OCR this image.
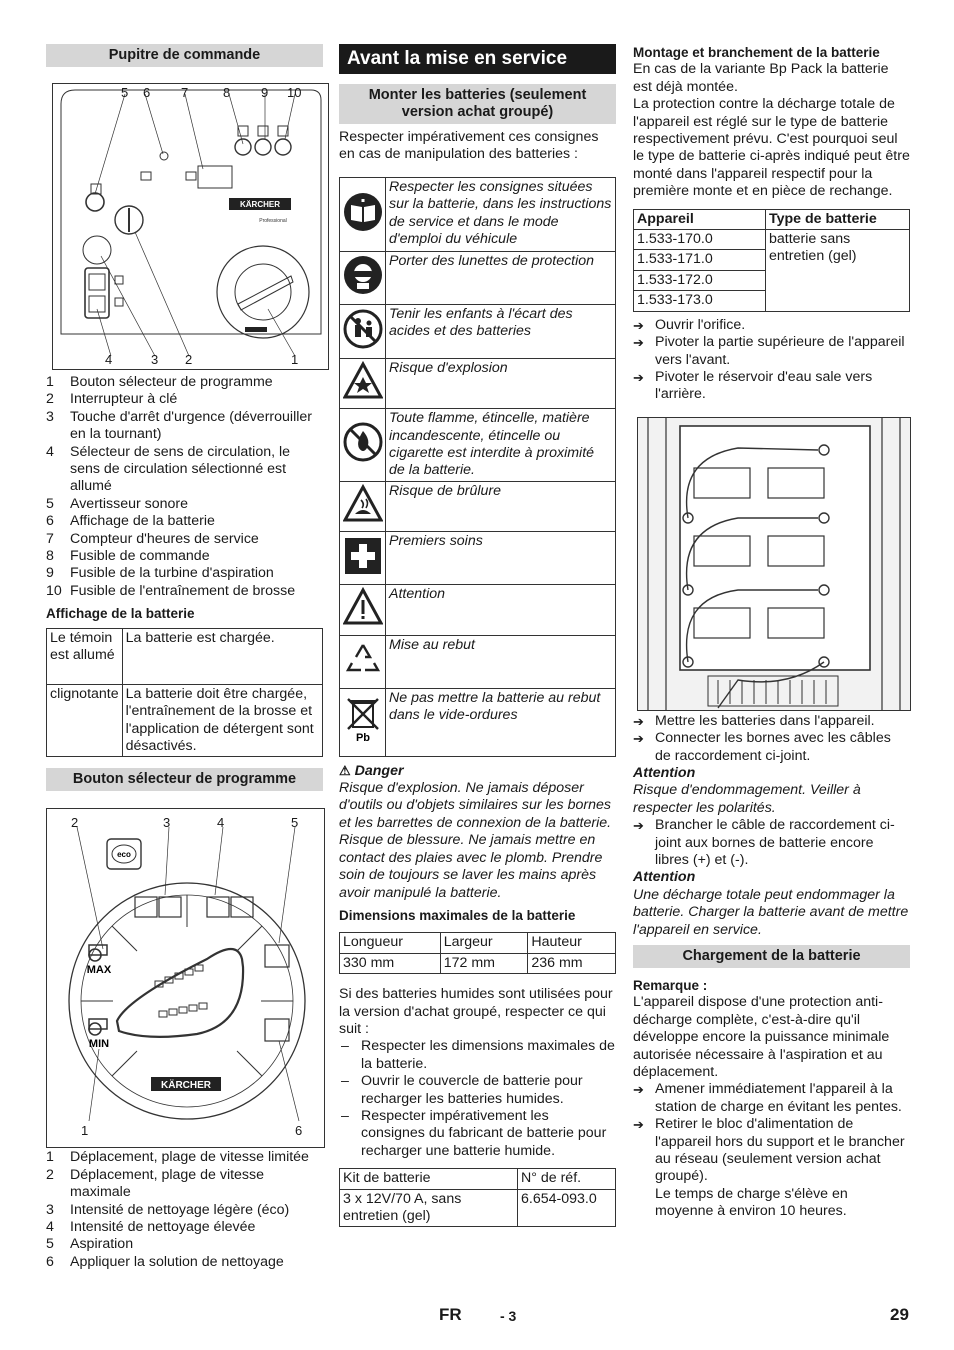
Pupitre de commande
KÄRCHER
Professional
5 6 7	8 9 10
4	3 2	1
1	Bouton sélecteur de programme
2	Interrupteur à clé
3	Touche d'arrêt d'urgence (déverrouiller en la tournant)
4	Sélecteur de sens de circulation, le sens de circulation sélectionné est allumé
5	Avertisseur sonore
6	Affichage de la batterie
7	Compteur d'heures de service
8	Fusible de commande
9	Fusible de la turbine d'aspiration
10 Fusible de l'entraînement de brosse

Affichage de la batterie

Le témoin est allumé	La batterie est chargée.
clignotante	La batterie doit être chargée, l'entraînement de la brosse et l'application de détergent sont désactivés.
Bouton sélecteur de programme
eco
MAX
MIN
KÄRCHER
2	3	4	5
1	6
1	Déplacement, plage de vitesse limitée
2	Déplacement, plage de vitesse maximale
3	Intensité de nettoyage légère (éco)
4	Intensité de nettoyage élevée
5	Aspiration
6	Appliquer la solution de nettoyage
Avant la mise en service
Monter les batteries (seulement version achat groupé)

Respecter impérativement ces consignes en cas de manipulation des batteries :

	Respecter les consignes situées sur la batterie, dans les instructions de service et dans le mode d'emploi du véhicule
	Porter des lunettes de protection
	Tenir les enfants à l'écart des acides et des batteries
	Risque d'explosion
	Toute flamme, étincelle, matière incandescente, étincelle ou cigarette est interdite à proximité de la batterie.
	Risque de brûlure
	Premiers soins
	Attention
	Mise au rebut

Pb	Ne pas mettre la batterie au rebut dans le vide-ordures

⚠ Danger

Risque d'explosion. Ne jamais déposer d'outils ou d'objets similaires sur les bornes et les barrettes de connexion de la batterie. Risque de blessure. Ne jamais mettre en contact des plaies avec le plomb. Prendre soin de toujours se laver les mains après avoir manipulé la batterie.

Dimensions maximales de la batterie

Longueur	Largeur	Hauteur
330 mm	172 mm	236 mm

Si des batteries humides sont utilisées pour la version d'achat groupé, respecter ce qui suit :

– Respecter les dimensions maximales de la batterie.
– Ouvrir le couvercle de batterie pour recharger les batteries humides.
– Respecter impérativement les consignes du fabricant de batterie pour recharger une batterie humide.
Kit de batterie	N° de réf.
3 x 12V/70 A, sans entretien (gel)	6.654-093.0

Montage et branchement de la batterie

En cas de la variante Bp Pack la batterie est déjà montée.

La protection contre la décharge totale de l'appareil est réglé sur le type de batterie respectivement prévu. C'est pourquoi seul le type de batterie ci-après indiqué peut être monté dans l'appareil respectif pour la première monte et en pièce de rechange.

Appareil	Type de batterie
1.533-170.0	batterie sans entretien (gel)
1.533-171.0	
1.533-172.0	
1.533-173.0	
➔ Ouvrir l'orifice.
➔ Pivoter la partie supérieure de l'appareil vers l'avant.
➔ Pivoter le réservoir d'eau sale vers l'arrière.
➔ Mettre les batteries dans l'appareil.
➔ Connecter les bornes avec les câbles de raccordement ci-joint.

Attention

Risque d'endommagement. Veiller à respecter les polarités.

➔ Brancher le câble de raccordement ci-joint aux bornes de batterie encore libres (+) et (-).

Attention

Une décharge totale peut endommager la batterie. Charger la batterie avant de mettre l'appareil en service.

Chargement de la batterie

Remarque :

L'appareil dispose d'une protection anti-décharge complète, c'est-à-dire qu'il développe encore la puissance minimale autorisée nécessaire à l'aspiration et au déplacement.

➔ Amener immédiatement l'appareil à la station de charge en évitant les pentes.
➔ Retirer le bloc d'alimentation de l'appareil hors du support et le brancher au réseau (seulement version achat groupé).

Le temps de charge s'élève en moyenne à environ 10 heures.

FR	- 3	29
